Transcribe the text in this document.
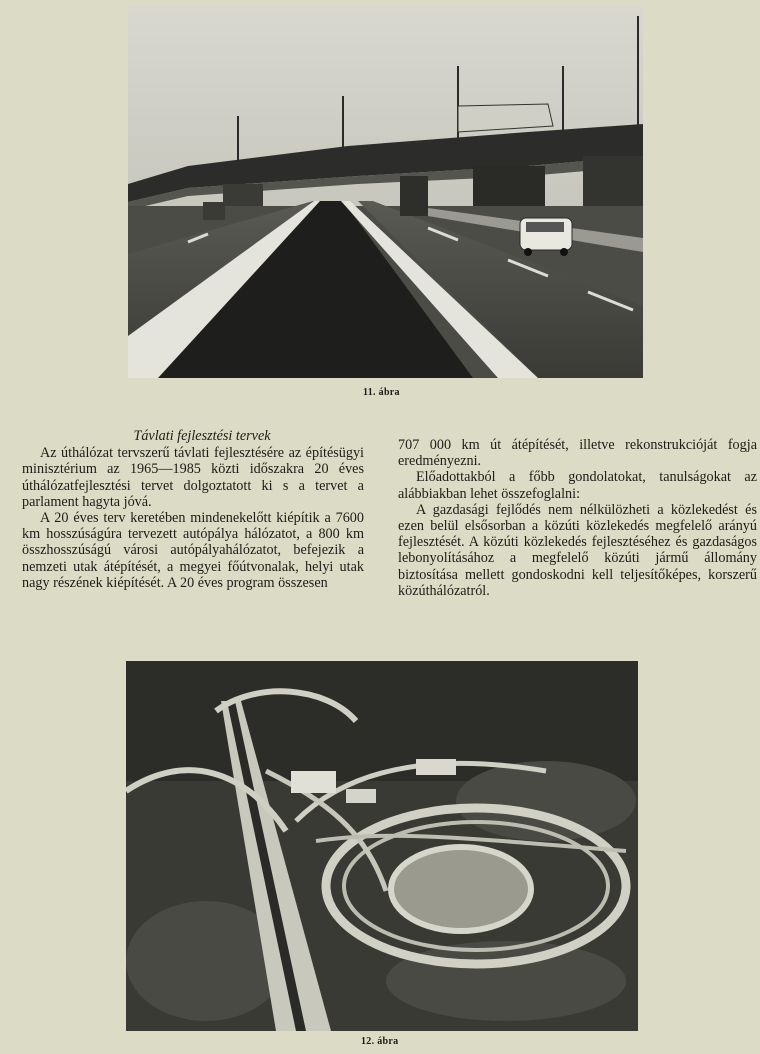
11. ábra
Távlati fejlesztési tervek

Az úthálózat tervszerű távlati fejlesztésére az építésügyi minisztérium az 1965—1985 közti időszakra 20 éves úthálózatfejlesztési tervet dolgoztatott ki s a tervet a parlament hagyta jóvá.

A 20 éves terv keretében mindenekelőtt kiépítik a 7600 km hosszúságúra tervezett autópálya hálózatot, a 800 km összhosszúságú városi autópályahálózatot, befejezik a nemzeti utak átépítését, a megyei főútvonalak, helyi utak nagy részének kiépítését. A 20 éves program összesen

707 000 km út átépítését, illetve rekonstrukcióját fogja eredményezni.

Előadottakból a főbb gondolatokat, tanulságokat az alábbiakban lehet összefoglalni:

A gazdasági fejlődés nem nélkülözheti a közlekedést és ezen belül elsősorban a közúti közlekedés megfelelő arányú fejlesztését. A közúti közlekedés fejlesztéséhez és gazdaságos lebonyolításához a megfelelő közúti jármű állomány biztosítása mellett gondoskodni kell teljesítőképes, korszerű közúthálózatról.

12. ábra
